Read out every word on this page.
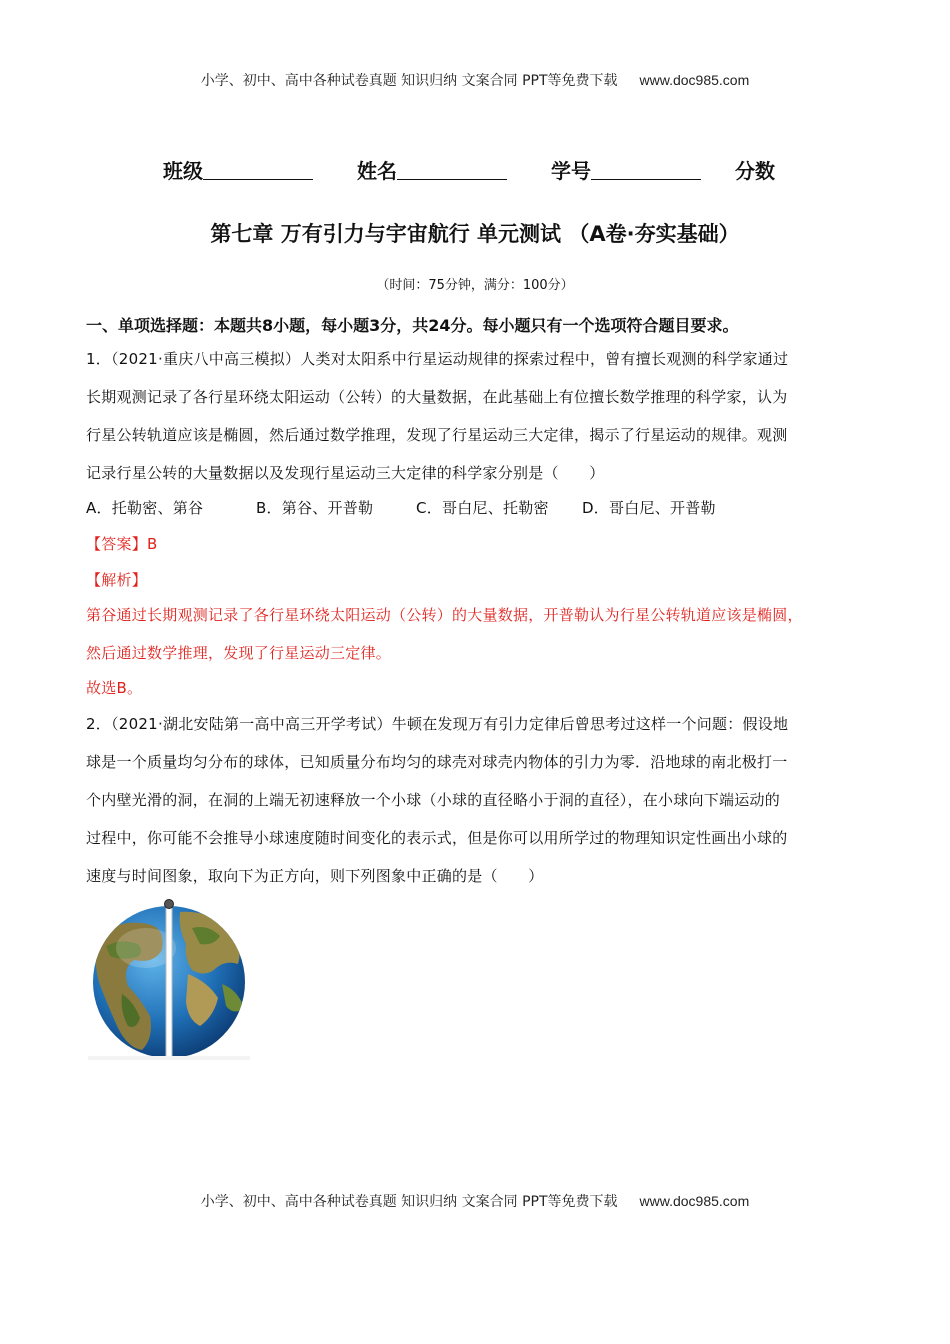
小学、初中、高中各种试卷真题 知识归纳 文案合同 PPT等免费下载 www.doc985.com
班级	姓名	学号	分数
第七章 万有引力与宇宙航行 单元测试 （A卷·夯实基础）
（时间：75分钟，满分：100分）
一、单项选择题：本题共8小题，每小题3分，共24分。每小题只有一个选项符合题目要求。
1．（2021·重庆八中高三模拟）人类对太阳系中行星运动规律的探索过程中，曾有擅长观测的科学家通过
长期观测记录了各行星环绕太阳运动（公转）的大量数据，在此基础上有位擅长数学推理的科学家，认为
行星公转轨道应该是椭圆，然后通过数学推理，发现了行星运动三大定律，揭示了行星运动的规律。观测
记录行星公转的大量数据以及发现行星运动三大定律的科学家分别是（　　）
A．托勒密、第谷	B．第谷、开普勒	C．哥白尼、托勒密 D．哥白尼、开普勒
【答案】B
【解析】
第谷通过长期观测记录了各行星环绕太阳运动（公转）的大量数据，开普勒认为行星公转轨道应该是椭圆，
然后通过数学推理，发现了行星运动三定律。
故选B。
2．（2021·湖北安陆第一高中高三开学考试）牛顿在发现万有引力定律后曾思考过这样一个问题：假设地
球是一个质量均匀分布的球体，已知质量分布均匀的球壳对球壳内物体的引力为零．沿地球的南北极打一
个内壁光滑的洞，在洞的上端无初速释放一个小球（小球的直径略小于洞的直径），在小球向下端运动的
过程中，你可能不会推导小球速度随时间变化的表示式，但是你可以用所学过的物理知识定性画出小球的
速度与时间图象，取向下为正方向，则下列图象中正确的是（　　）
小学、初中、高中各种试卷真题 知识归纳 文案合同 PPT等免费下载 www.doc985.com
